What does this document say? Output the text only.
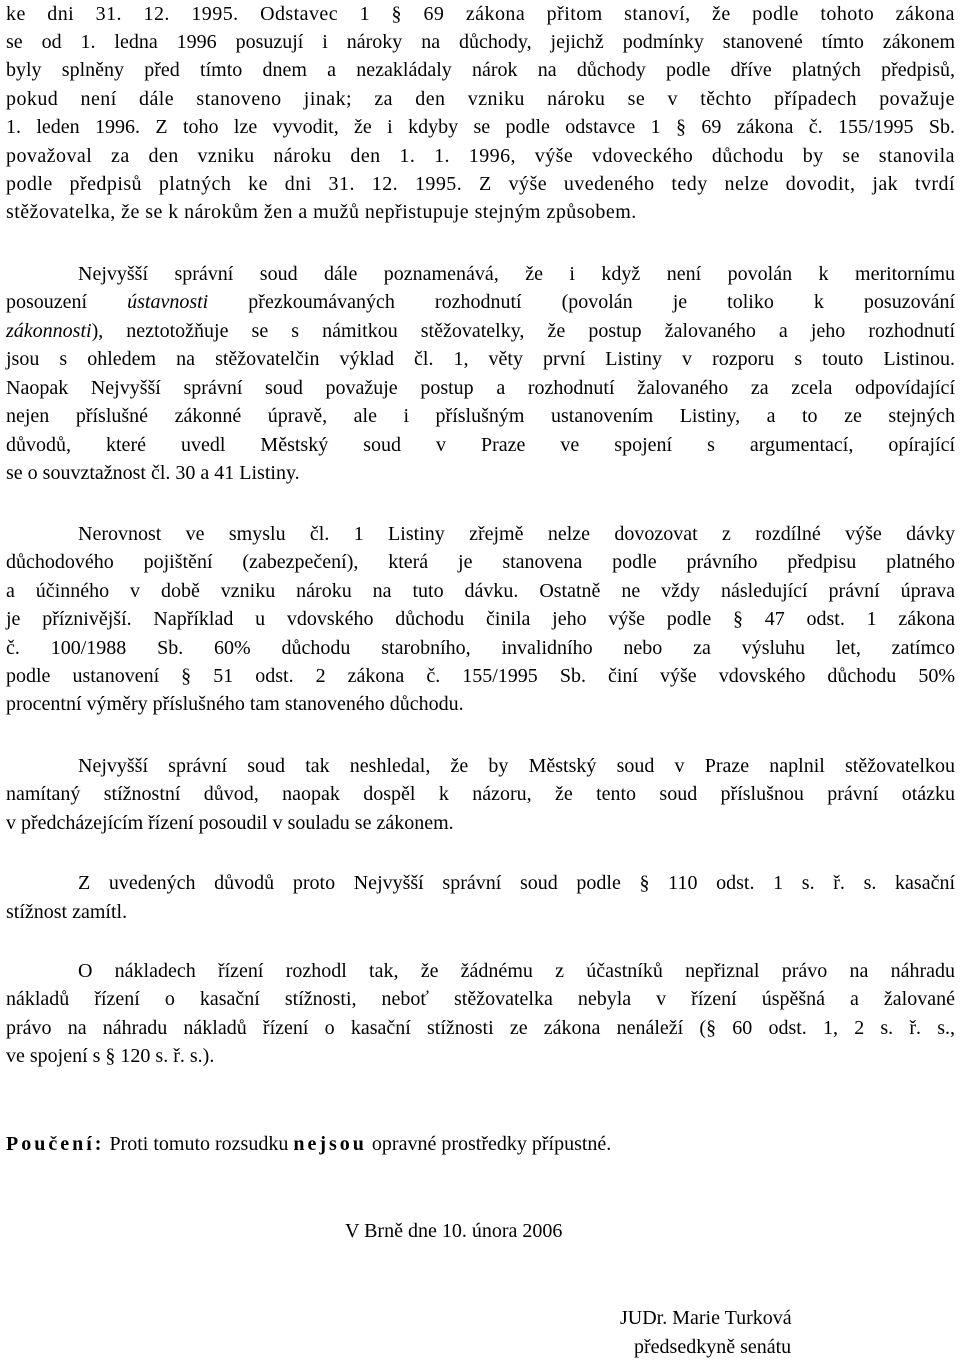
ke dni 31. 12. 1995. Odstavec 1 § 69 zákona přitom stanoví, že podle tohoto zákona
se od 1. ledna 1996 posuzují i nároky na důchody, jejichž podmínky stanovené tímto zákonem
byly splněny před tímto dnem a nezakládaly nárok na důchody podle dříve platných předpisů,
pokud není dále stanoveno jinak; za den vzniku nároku se v těchto případech považuje
1. leden 1996. Z toho lze vyvodit, že i kdyby se podle odstavce 1 § 69 zákona č. 155/1995 Sb.
považoval za den vzniku nároku den 1. 1. 1996, výše vdoveckého důchodu by se stanovila
podle předpisů platných ke dni 31. 12. 1995. Z výše uvedeného tedy nelze dovodit, jak tvrdí
stěžovatelka, že se k nárokům žen a mužů nepřistupuje stejným způsobem.
Nejvyšší správní soud dále poznamenává, že i když není povolán k meritornímu
posouzení ústavnosti přezkoumávaných rozhodnutí (povolán je toliko k posuzování
zákonnosti), neztotožňuje se s námitkou stěžovatelky, že postup žalovaného a jeho rozhodnutí
jsou s ohledem na stěžovatelčin výklad čl. 1, věty první Listiny v rozporu s touto Listinou.
Naopak Nejvyšší správní soud považuje postup a rozhodnutí žalovaného za zcela odpovídající
nejen příslušné zákonné úpravě, ale i příslušným ustanovením Listiny, a to ze stejných
důvodů, které uvedl Městský soud v Praze ve spojení s argumentací, opírající
se o souvztažnost čl. 30 a 41 Listiny.
Nerovnost ve smyslu čl. 1 Listiny zřejmě nelze dovozovat z rozdílné výše dávky
důchodového pojištění (zabezpečení), která je stanovena podle právního předpisu platného
a účinného v době vzniku nároku na tuto dávku. Ostatně ne vždy následující právní úprava
je příznivější. Například u vdovského důchodu činila jeho výše podle § 47 odst. 1 zákona
č. 100/1988 Sb. 60% důchodu starobního, invalidního nebo za výsluhu let, zatímco
podle ustanovení § 51 odst. 2 zákona č. 155/1995 Sb. činí výše vdovského důchodu 50%
procentní výměry příslušného tam stanoveného důchodu.
Nejvyšší správní soud tak neshledal, že by Městský soud v Praze naplnil stěžovatelkou
namítaný stížnostní důvod, naopak dospěl k názoru, že tento soud příslušnou právní otázku
v předcházejícím řízení posoudil v souladu se zákonem.
Z uvedených důvodů proto Nejvyšší správní soud podle § 110 odst. 1 s. ř. s. kasační
stížnost zamítl.
O nákladech řízení rozhodl tak, že žádnému z účastníků nepřiznal právo na náhradu
nákladů řízení o kasační stížnosti, neboť stěžovatelka nebyla v řízení úspěšná a žalované
právo na náhradu nákladů řízení o kasační stížnosti ze zákona nenáleží (§ 60 odst. 1, 2 s. ř. s.,
ve spojení s § 120 s. ř. s.).
Poučení: Proti tomuto rozsudku nejsou opravné prostředky přípustné.
V Brně dne 10. února 2006
JUDr. Marie Turková
předsedkyně senátu
